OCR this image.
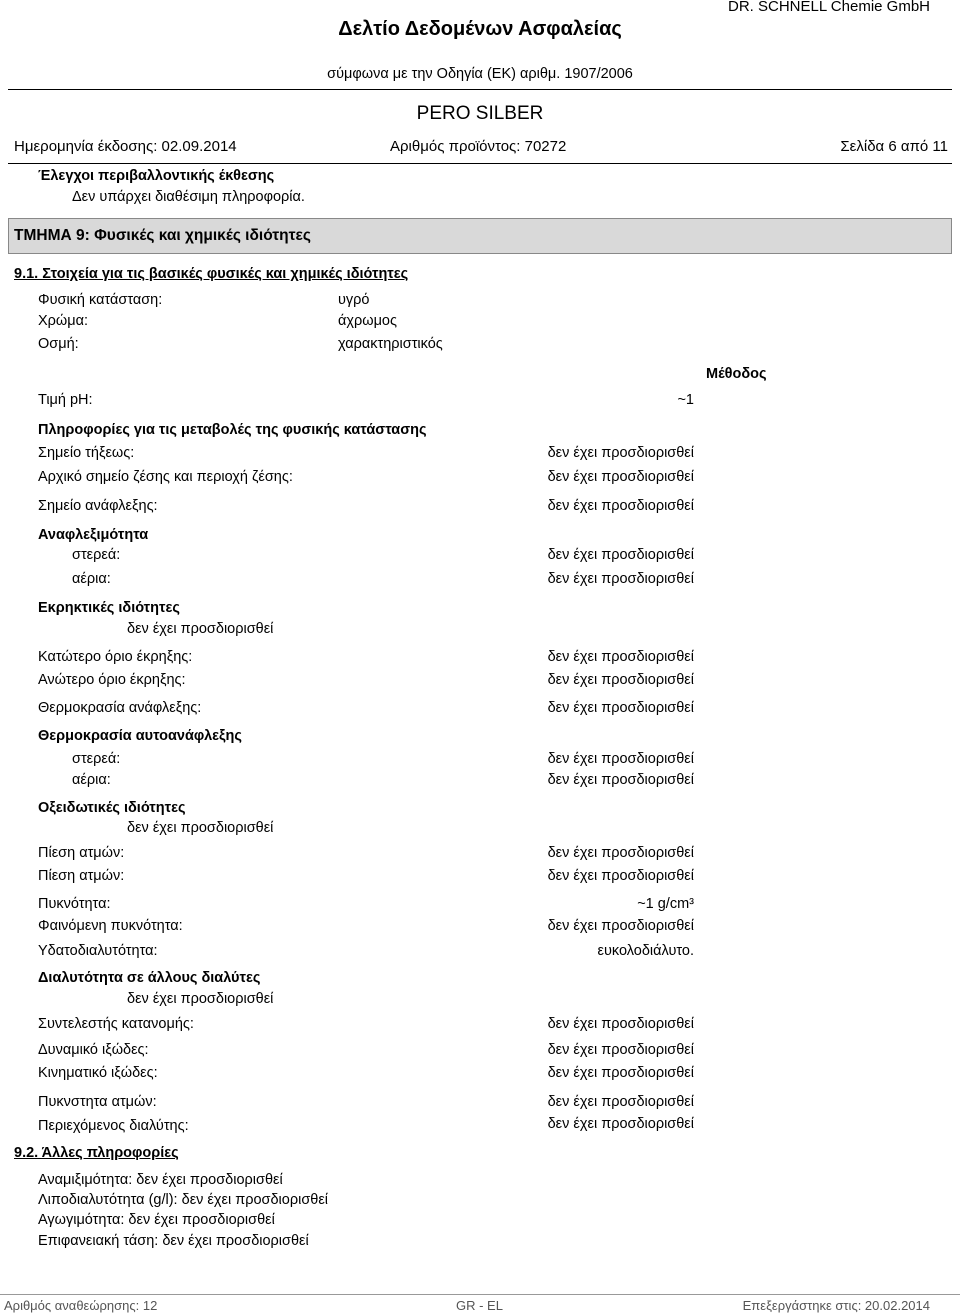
DR. SCHNELL Chemie GmbH
Δελτίο Δεδομένων Ασφαλείας
σύμφωνα με την Οδηγία (ΕΚ) αριθμ. 1907/2006
PERO SILBER
Ημερομηνία έκδοσης: 02.09.2014	Αριθμός προϊόντος: 70272	Σελίδα 6 από 11
Έλεγχοι περιβαλλοντικής έκθεσης
Δεν υπάρχει διαθέσιμη πληροφορία.
ΤΜΗΜΑ 9: Φυσικές και χημικές ιδιότητες
9.1. Στοιχεία για τις βασικές φυσικές και χημικές ιδιότητες
Φυσική κατάσταση:	υγρό
Χρώμα:	άχρωμος
Οσμή:	χαρακτηριστικός
Μέθοδος
Τιμή pH:	~1
Πληροφορίες για τις μεταβολές της φυσικής κατάστασης
Σημείο τήξεως:	δεν έχει προσδιορισθεί
Αρχικό σημείο ζέσης και περιοχή ζέσης:	δεν έχει προσδιορισθεί
Σημείο ανάφλεξης:	δεν έχει προσδιορισθεί
Αναφλεξιμότητα
στερεά:	δεν έχει προσδιορισθεί
αέρια:	δεν έχει προσδιορισθεί
Εκρηκτικές ιδιότητες
δεν έχει προσδιορισθεί
Κατώτερο όριο έκρηξης:	δεν έχει προσδιορισθεί
Ανώτερο όριο έκρηξης:	δεν έχει προσδιορισθεί
Θερμοκρασία ανάφλεξης:	δεν έχει προσδιορισθεί
Θερμοκρασία αυτοανάφλεξης
στερεά:	δεν έχει προσδιορισθεί
αέρια:	δεν έχει προσδιορισθεί
Οξειδωτικές ιδιότητες
δεν έχει προσδιορισθεί
Πίεση ατμών:	δεν έχει προσδιορισθεί
Πίεση ατμών:	δεν έχει προσδιορισθεί
Πυκνότητα:	~1 g/cm³
Φαινόμενη πυκνότητα:	δεν έχει προσδιορισθεί
Υδατοδιαλυτότητα:	ευκολοδιάλυτο.
Διαλυτότητα σε άλλους διαλύτες
δεν έχει προσδιορισθεί
Συντελεστής κατανομής:	δεν έχει προσδιορισθεί
Δυναμικό ιξώδες:	δεν έχει προσδιορισθεί
Κινηματικό ιξώδες:	δεν έχει προσδιορισθεί
Πυκνστητα ατμών:	δεν έχει προσδιορισθεί
Περιεχόμενος διαλύτης:	δεν έχει προσδιορισθεί
9.2. Άλλες πληροφορίες
Αναμιξιμότητα: δεν έχει προσδιορισθεί
Λιποδιαλυτότητα (g/l): δεν έχει προσδιορισθεί
Αγωγιμότητα: δεν έχει προσδιορισθεί
Επιφανειακή τάση: δεν έχει προσδιορισθεί
Αριθμός αναθεώρησης: 12	GR - EL	Επεξεργάστηκε στις: 20.02.2014
